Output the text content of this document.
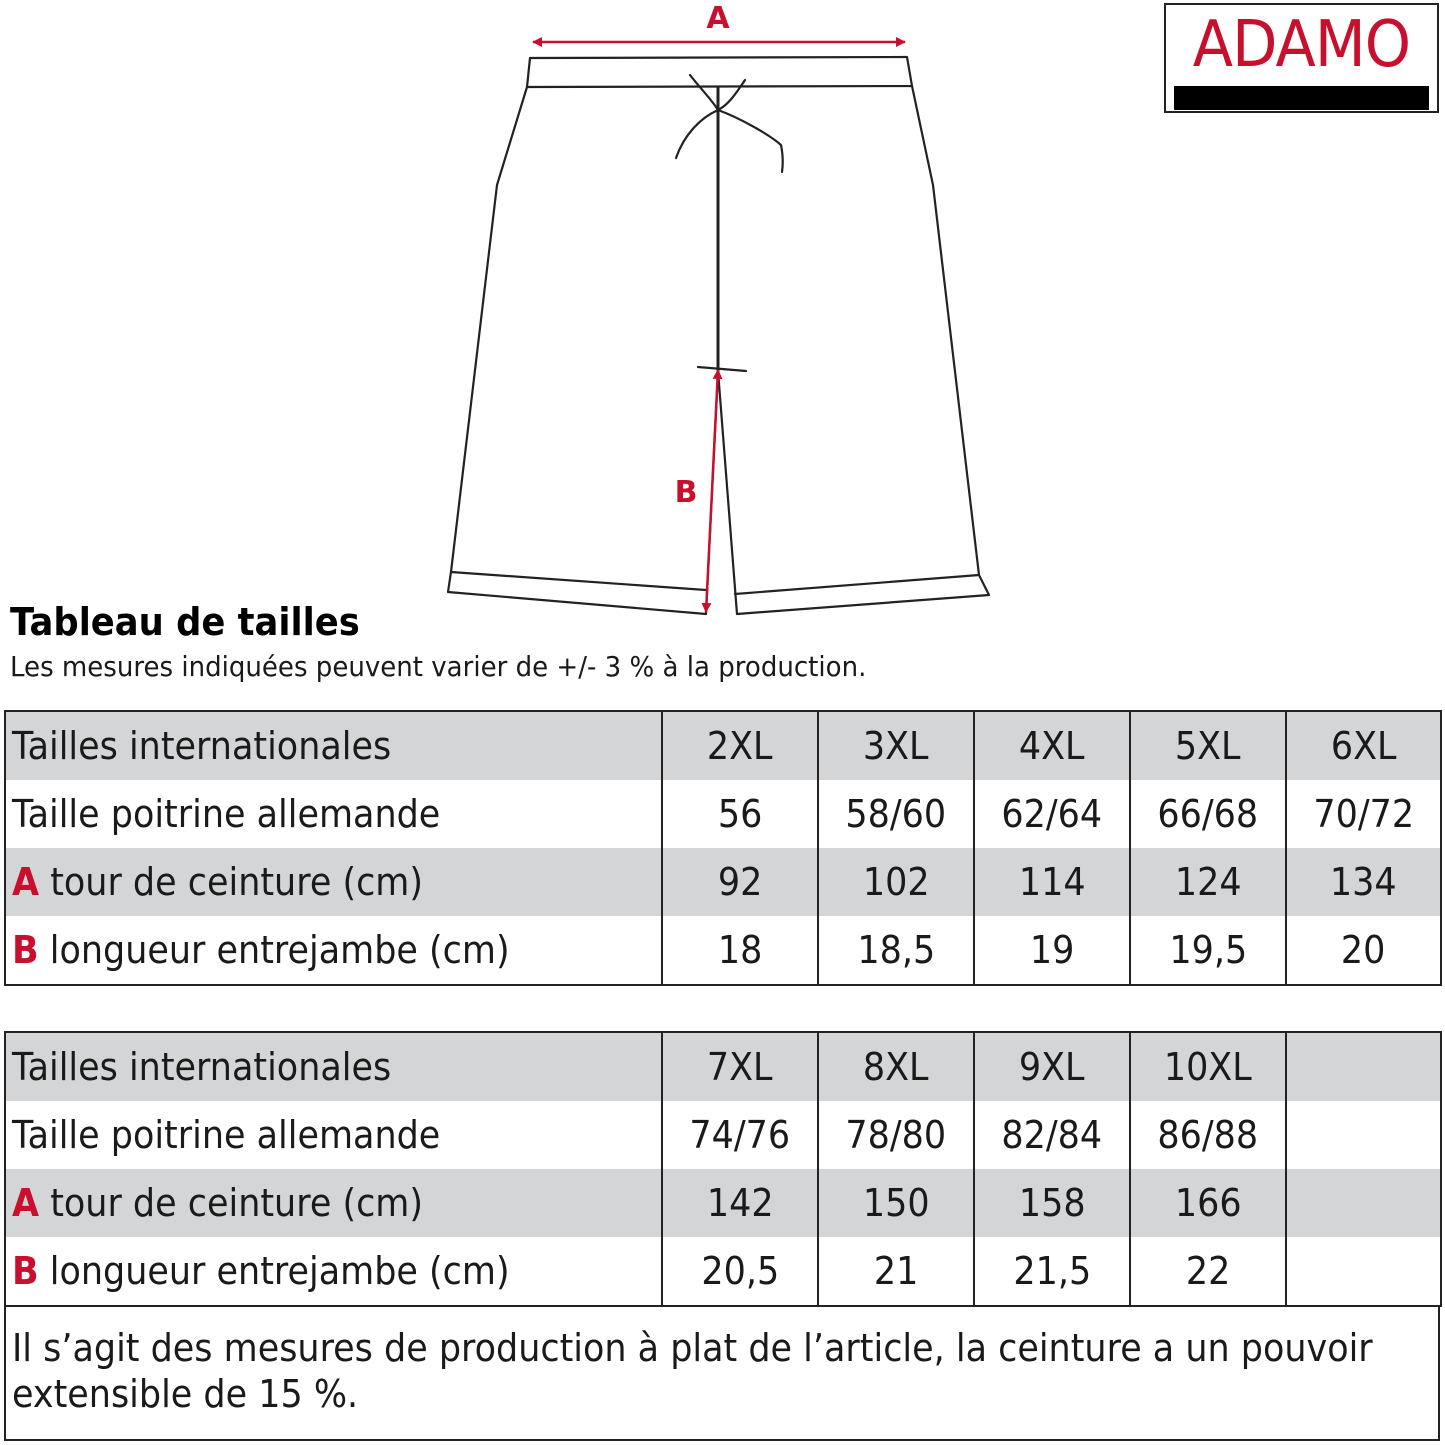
A
B
ADAMO
Tableau de tailles
Les mesures indiquées peuvent varier de +/- 3 % à la production.
Tailles internationales	2XL	3XL	4XL	5XL	6XL
Taille poitrine allemande	56	58/60	62/64	66/68	70/72
A tour de ceinture (cm)	92	102	114	124	134
B longueur entrejambe (cm)	18	18,5	19	19,5	20
Tailles internationales	7XL	8XL	9XL	10XL	
Taille poitrine allemande	74/76	78/80	82/84	86/88	
A tour de ceinture (cm)	142	150	158	166	
B longueur entrejambe (cm)	20,5	21	21,5	22	
Il s’agit des mesures de production à plat de l’article, la ceinture a un pouvoir extensible de 15 %.
